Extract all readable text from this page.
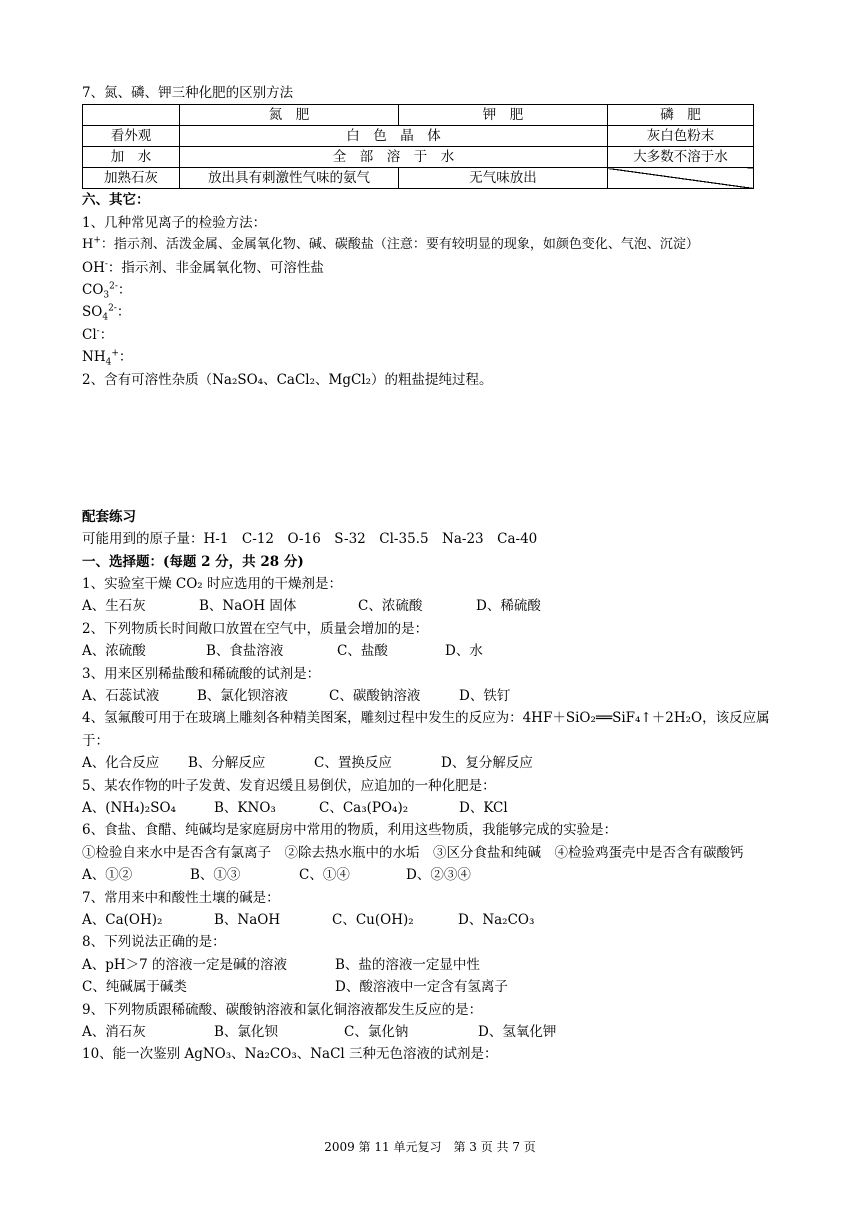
7、氮、磷、钾三种化肥的区别方法
	氮　肥	钾　肥	磷　肥
看外观	白　色　晶　体		灰白色粉末
加　水	全　部　溶　于　水		大多数不溶于水
加熟石灰	放出具有刺激性气味的氨气	无气味放出	
六、其它：
1、几种常见离子的检验方法：
H+：指示剂、活泼金属、金属氧化物、碱、碳酸盐（注意：要有较明显的现象，如颜色变化、气泡、沉淀）
OH-：指示剂、非金属氧化物、可溶性盐
$CO_3^{2-}$：
$SO_4^{2-}$：
Cl-：
$NH_4^+$：
2、含有可溶性杂质（Na₂SO₄、CaCl₂、MgCl₂）的粗盐提纯过程。
配套练习
可能用到的原子量：H-1　C-12　O-16　S-32　Cl-35.5　Na-23　Ca-40
一、选择题：(每题 2 分，共 28 分)
1、实验室干燥 CO₂ 时应选用的干燥剂是：
A、生石灰	B、NaOH 固体	C、浓硫酸	D、稀硫酸
2、下列物质长时间敞口放置在空气中，质量会增加的是：
A、浓硫酸	B、食盐溶液	C、盐酸	D、水
3、用来区别稀盐酸和稀硫酸的试剂是：
A、石蕊试液	B、氯化钡溶液	C、碳酸钠溶液	D、铁钉
4、氢氟酸可用于在玻璃上雕刻各种精美图案，雕刻过程中发生的反应为：4HF＋SiO₂══SiF₄↑＋2H₂O，该反应属于：
A、化合反应 B、分解反应	C、置换反应	D、复分解反应
5、某农作物的叶子发黄、发育迟缓且易倒伏，应追加的一种化肥是：
A、(NH₄)₂SO₄	B、KNO₃	C、Ca₃(PO₄)₂	D、KCl
6、食盐、食醋、纯碱均是家庭厨房中常用的物质，利用这些物质，我能够完成的实验是：
①检验自来水中是否含有氯离子　②除去热水瓶中的水垢　③区分食盐和纯碱　④检验鸡蛋壳中是否含有碳酸钙
A、①②	B、①③	C、①④	D、②③④
7、常用来中和酸性土壤的碱是：
A、Ca(OH)₂	B、NaOH	C、Cu(OH)₂	D、Na₂CO₃
8、下列说法正确的是：
A、pH＞7 的溶液一定是碱的溶液	B、盐的溶液一定显中性
C、纯碱属于碱类	D、酸溶液中一定含有氢离子
9、下列物质跟稀硫酸、碳酸钠溶液和氯化铜溶液都发生反应的是：
A、消石灰	B、氯化钡	C、氯化钠	D、氢氧化钾
10、能一次鉴别 AgNO₃、Na₂CO₃、NaCl 三种无色溶液的试剂是：
2009 第 11 单元复习　第 3 页 共 7 页
